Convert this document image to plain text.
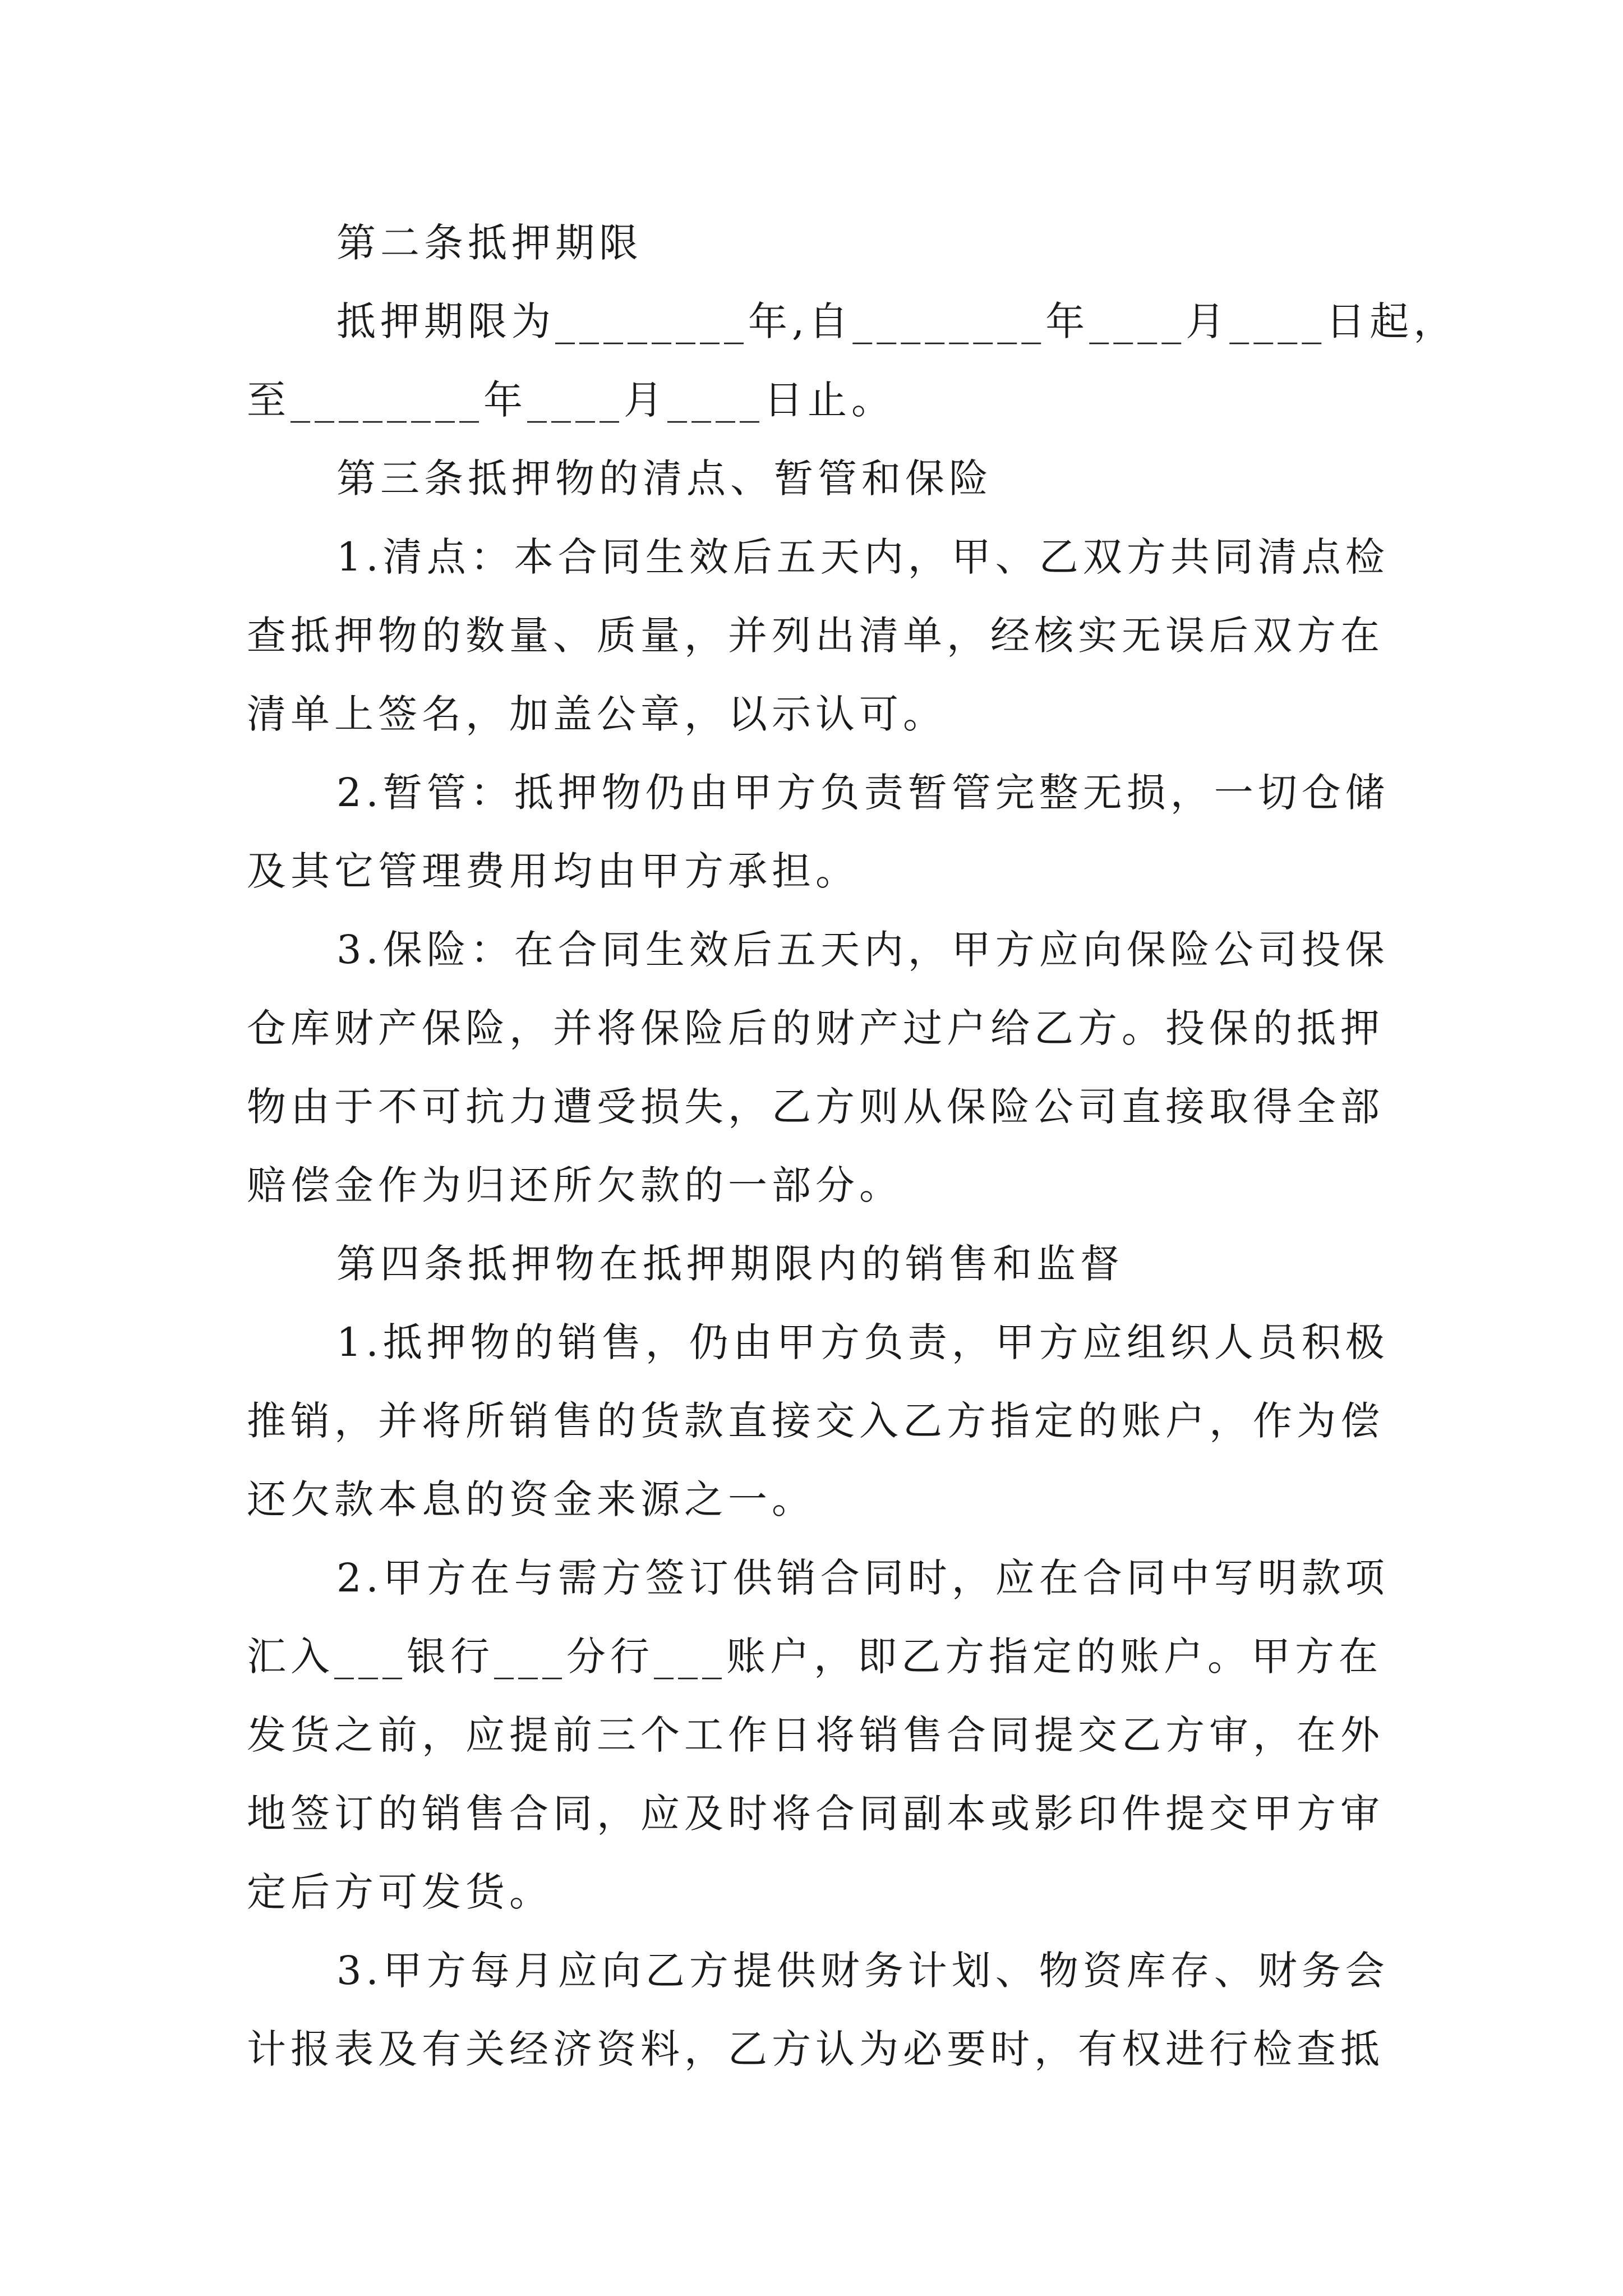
第二条抵押期限
抵押期限为________年,自________年____月____日起，
至________年____月____日止。
第三条抵押物的清点、暂管和保险
1.清点：本合同生效后五天内，甲、乙双方共同清点检
查抵押物的数量、质量，并列出清单，经核实无误后双方在
清单上签名，加盖公章，以示认可。
2.暂管：抵押物仍由甲方负责暂管完整无损，一切仓储
及其它管理费用均由甲方承担。
3.保险：在合同生效后五天内，甲方应向保险公司投保
仓库财产保险，并将保险后的财产过户给乙方。投保的抵押
物由于不可抗力遭受损失，乙方则从保险公司直接取得全部
赔偿金作为归还所欠款的一部分。
第四条抵押物在抵押期限内的销售和监督
1.抵押物的销售，仍由甲方负责，甲方应组织人员积极
推销，并将所销售的货款直接交入乙方指定的账户，作为偿
还欠款本息的资金来源之一。
2.甲方在与需方签订供销合同时，应在合同中写明款项
汇入___银行___分行___账户，即乙方指定的账户。甲方在
发货之前，应提前三个工作日将销售合同提交乙方审，在外
地签订的销售合同，应及时将合同副本或影印件提交甲方审
定后方可发货。
3.甲方每月应向乙方提供财务计划、物资库存、财务会
计报表及有关经济资料，乙方认为必要时，有权进行检查抵
